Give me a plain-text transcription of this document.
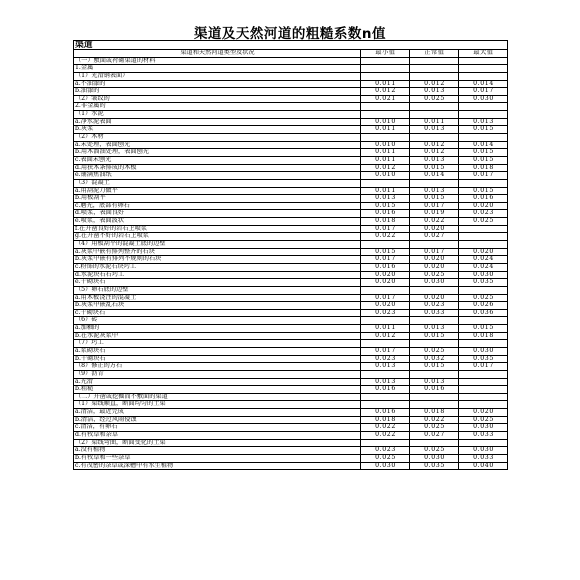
渠道及天然河道的粗糙系数n值
渠道
渠道和天然河道类型及状况	最小值	正常值	最大值
（一）敷面或衬砌渠道的材料
1.金属
（1）光滑钢表面）
a.不油漆的	0.011	0.012	0.014
b.油漆的	0.012	0.013	0.017
（2）皱纹的	0.021	0.025	0.030
2.非金属的
（1）水泥
a.净水泥表面	0.010	0.011	0.013
b.灰浆	0.011	0.013	0.015
（2）木材
a.未处理，表面刨光	0.010	0.012	0.014
b.用木溜油处理，表面刨光	0.011	0.012	0.015
c.表面未刨光	0.011	0.013	0.015
d.用狭木条排成的木板	0.012	0.015	0.018
e.铺满焦油纸	0.010	0.014	0.017
（3）混凝土
a.用刮泥刀做平	0.011	0.013	0.015
b.用板刮平	0.013	0.015	0.016
c.磨光，底部有卵石	0.015	0.017	0.020
d.喷浆，表面良好	0.016	0.019	0.023
e.喷浆，表面波状	0.018	0.022	0.025
f.在开凿良好的岩石上喷浆	0.017	0.020
g.在开凿不好的岩石上喷浆	0.022	0.027
（4）用板刮平的混凝土底的边壁
a.灰浆中嵌有排列整齐的石块	0.015	0.017	0.020
b.灰浆中嵌有排列不规则的石块	0.017	0.020	0.024
c.粉饰的水泥石块圬工	0.016	0.020	0.024
d.水泥块石石圬工	0.020	0.025	0.030
e.干砌块石	0.020	0.030	0.035
（5）卵石底的边壁
a.用木板浇注的混凝土	0.017	0.020	0.025
b.灰浆中嵌乱石块	0.020	0.023	0.026
c.干砌块石	0.023	0.033	0.036
（6）砖
a.加釉的	0.011	0.013	0.015
b.在水泥灰浆中	0.012	0.015	0.018
（7）圬工
a.浆砌块石	0.017	0.025	0.030
b.干砌块石	0.023	0.032	0.035
（8）修正的方石	0.013	0.015	0.017
（9）沥青
a.光滑	0.013	0.013
b.粗糙	0.016	0.016
（二）开凿或挖掘而不敷面的渠道
（1）渠线顺直，断面均匀的土渠
a.清洁，最近完成	0.016	0.018	0.020
b.清洁，经过风雨侵蚀	0.018	0.022	0.025
c.清洁，有卵石	0.022	0.025	0.030
d.有牧草和杂草	0.022	0.027	0.033
（2）渠线弯曲，断面变化的土渠
a.没有植物	0.023	0.025	0.030
b.有牧草和一些杂草	0.025	0.030	0.033
c.有茂密的杂草或深槽中有水生植物	0.030	0.035	0.040
